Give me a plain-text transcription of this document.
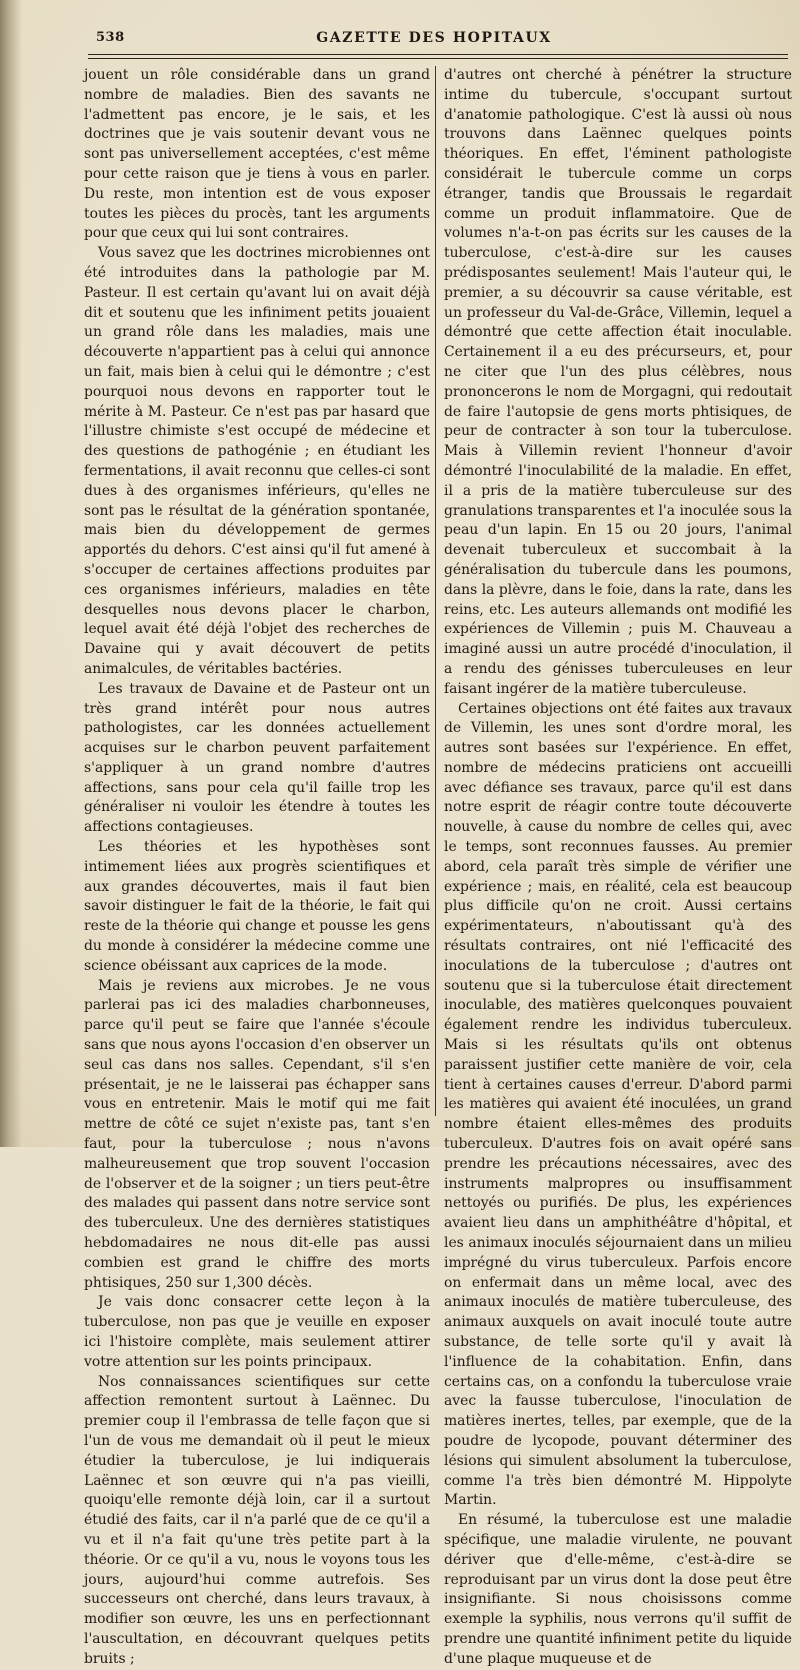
538	GAZETTE DES HOPITAUX

jouent un rôle considérable dans un grand nombre de maladies. Bien des savants ne l'admettent pas encore, je le sais, et les doctrines que je vais soutenir devant vous ne sont pas universellement acceptées, c'est même pour cette raison que je tiens à vous en parler. Du reste, mon intention est de vous exposer toutes les pièces du procès, tant les arguments pour que ceux qui lui sont contraires.

Vous savez que les doctrines microbiennes ont été introduites dans la pathologie par M. Pasteur. Il est certain qu'avant lui on avait déjà dit et soutenu que les infiniment petits jouaient un grand rôle dans les maladies, mais une découverte n'appartient pas à celui qui annonce un fait, mais bien à celui qui le démontre ; c'est pourquoi nous devons en rapporter tout le mérite à M. Pasteur. Ce n'est pas par hasard que l'illustre chimiste s'est occupé de médecine et des questions de pathogénie ; en étudiant les fermentations, il avait reconnu que celles-ci sont dues à des organismes inférieurs, qu'elles ne sont pas le résultat de la génération spontanée, mais bien du développement de germes apportés du dehors. C'est ainsi qu'il fut amené à s'occuper de certaines affections produites par ces organismes inférieurs, maladies en tête desquelles nous devons placer le charbon, lequel avait été déjà l'objet des recherches de Davaine qui y avait découvert de petits animalcules, de véritables bactéries.

Les travaux de Davaine et de Pasteur ont un très grand intérêt pour nous autres pathologistes, car les données actuellement acquises sur le charbon peuvent parfaitement s'appliquer à un grand nombre d'autres affections, sans pour cela qu'il faille trop les généraliser ni vouloir les étendre à toutes les affections contagieuses.

Les théories et les hypothèses sont intimement liées aux progrès scientifiques et aux grandes découvertes, mais il faut bien savoir distinguer le fait de la théorie, le fait qui reste de la théorie qui change et pousse les gens du monde à considérer la médecine comme une science obéissant aux caprices de la mode.

Mais je reviens aux microbes. Je ne vous parlerai pas ici des maladies charbonneuses, parce qu'il peut se faire que l'année s'écoule sans que nous ayons l'occasion d'en observer un seul cas dans nos salles. Cependant, s'il s'en présentait, je ne le laisserai pas échapper sans vous en entretenir. Mais le motif qui me fait mettre de côté ce sujet n'existe pas, tant s'en faut, pour la tuberculose ; nous n'avons malheureusement que trop souvent l'occasion de l'observer et de la soigner ; un tiers peut-être des malades qui passent dans notre service sont des tuberculeux. Une des dernières statistiques hebdomadaires ne nous dit-elle pas aussi combien est grand le chiffre des morts phtisiques, 250 sur 1,300 décès.

Je vais donc consacrer cette leçon à la tuberculose, non pas que je veuille en exposer ici l'histoire complète, mais seulement attirer votre attention sur les points principaux.

Nos connaissances scientifiques sur cette affection remontent surtout à Laënnec. Du premier coup il l'embrassa de telle façon que si l'un de vous me demandait où il peut le mieux étudier la tuberculose, je lui indiquerais Laënnec et son œuvre qui n'a pas vieilli, quoiqu'elle remonte déjà loin, car il a surtout étudié des faits, car il n'a parlé que de ce qu'il a vu et il n'a fait qu'une très petite part à la théorie. Or ce qu'il a vu, nous le voyons tous les jours, aujourd'hui comme autrefois. Ses successeurs ont cherché, dans leurs travaux, à modifier son œuvre, les uns en perfectionnant l'auscultation, en découvrant quelques petits bruits ;

d'autres ont cherché à pénétrer la structure intime du tubercule, s'occupant surtout d'anatomie pathologique. C'est là aussi où nous trouvons dans Laënnec quelques points théoriques. En effet, l'éminent pathologiste considérait le tubercule comme un corps étranger, tandis que Broussais le regardait comme un produit inflammatoire. Que de volumes n'a-t-on pas écrits sur les causes de la tuberculose, c'est-à-dire sur les causes prédisposantes seulement! Mais l'auteur qui, le premier, a su découvrir sa cause véritable, est un professeur du Val-de-Grâce, Villemin, lequel a démontré que cette affection était inoculable. Certainement il a eu des précurseurs, et, pour ne citer que l'un des plus célèbres, nous prononcerons le nom de Morgagni, qui redoutait de faire l'autopsie de gens morts phtisiques, de peur de contracter à son tour la tuberculose. Mais à Villemin revient l'honneur d'avoir démontré l'inoculabilité de la maladie. En effet, il a pris de la matière tuberculeuse sur des granulations transparentes et l'a inoculée sous la peau d'un lapin. En 15 ou 20 jours, l'animal devenait tuberculeux et succombait à la généralisation du tubercule dans les poumons, dans la plèvre, dans le foie, dans la rate, dans les reins, etc. Les auteurs allemands ont modifié les expériences de Villemin ; puis M. Chauveau a imaginé aussi un autre procédé d'inoculation, il a rendu des génisses tuberculeuses en leur faisant ingérer de la matière tuberculeuse.

Certaines objections ont été faites aux travaux de Villemin, les unes sont d'ordre moral, les autres sont basées sur l'expérience. En effet, nombre de médecins praticiens ont accueilli avec défiance ses travaux, parce qu'il est dans notre esprit de réagir contre toute découverte nouvelle, à cause du nombre de celles qui, avec le temps, sont reconnues fausses. Au premier abord, cela paraît très simple de vérifier une expérience ; mais, en réalité, cela est beaucoup plus difficile qu'on ne croit. Aussi certains expérimentateurs, n'aboutissant qu'à des résultats contraires, ont nié l'efficacité des inoculations de la tuberculose ; d'autres ont soutenu que si la tuberculose était directement inoculable, des matières quelconques pouvaient également rendre les individus tuberculeux. Mais si les résultats qu'ils ont obtenus paraissent justifier cette manière de voir, cela tient à certaines causes d'erreur. D'abord parmi les matières qui avaient été inoculées, un grand nombre étaient elles-mêmes des produits tuberculeux. D'autres fois on avait opéré sans prendre les précautions nécessaires, avec des instruments malpropres ou insuffisamment nettoyés ou purifiés. De plus, les expériences avaient lieu dans un amphithéâtre d'hôpital, et les animaux inoculés séjournaient dans un milieu imprégné du virus tuberculeux. Parfois encore on enfermait dans un même local, avec des animaux inoculés de matière tuberculeuse, des animaux auxquels on avait inoculé toute autre substance, de telle sorte qu'il y avait là l'influence de la cohabitation. Enfin, dans certains cas, on a confondu la tuberculose vraie avec la fausse tuberculose, l'inoculation de matières inertes, telles, par exemple, que de la poudre de lycopode, pouvant déterminer des lésions qui simulent absolument la tuberculose, comme l'a très bien démontré M. Hippolyte Martin.

En résumé, la tuberculose est une maladie spécifique, une maladie virulente, ne pouvant dériver que d'elle-même, c'est-à-dire se reproduisant par un virus dont la dose peut être insignifiante. Si nous choisissons comme exemple la syphilis, nous verrons qu'il suffit de prendre une quantité infiniment petite du liquide d'une plaque muqueuse et de
